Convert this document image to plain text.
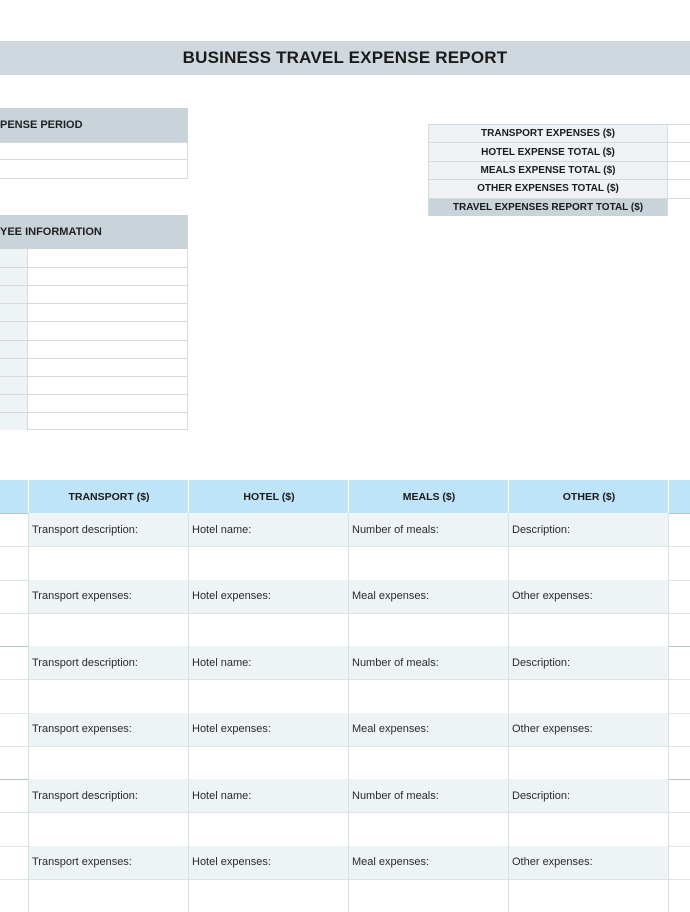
BUSINESS TRAVEL EXPENSE REPORT
PENSE PERIOD
YEE INFORMATION
TRANSPORT EXPENSES ($)
HOTEL EXPENSE TOTAL ($)
MEALS EXPENSE TOTAL ($)
OTHER EXPENSES TOTAL ($)
TRAVEL EXPENSES REPORT TOTAL ($)
TRANSPORT ($)	HOTEL ($)	MEALS ($)	OTHER ($)
Transport description:	Hotel name:	Number of meals:	Description:
Transport expenses:	Hotel expenses:	Meal expenses:	Other expenses:
Transport description:	Hotel name:	Number of meals:	Description:
Transport expenses:	Hotel expenses:	Meal expenses:	Other expenses:
Transport description:	Hotel name:	Number of meals:	Description:
Transport expenses:	Hotel expenses:	Meal expenses:	Other expenses:
